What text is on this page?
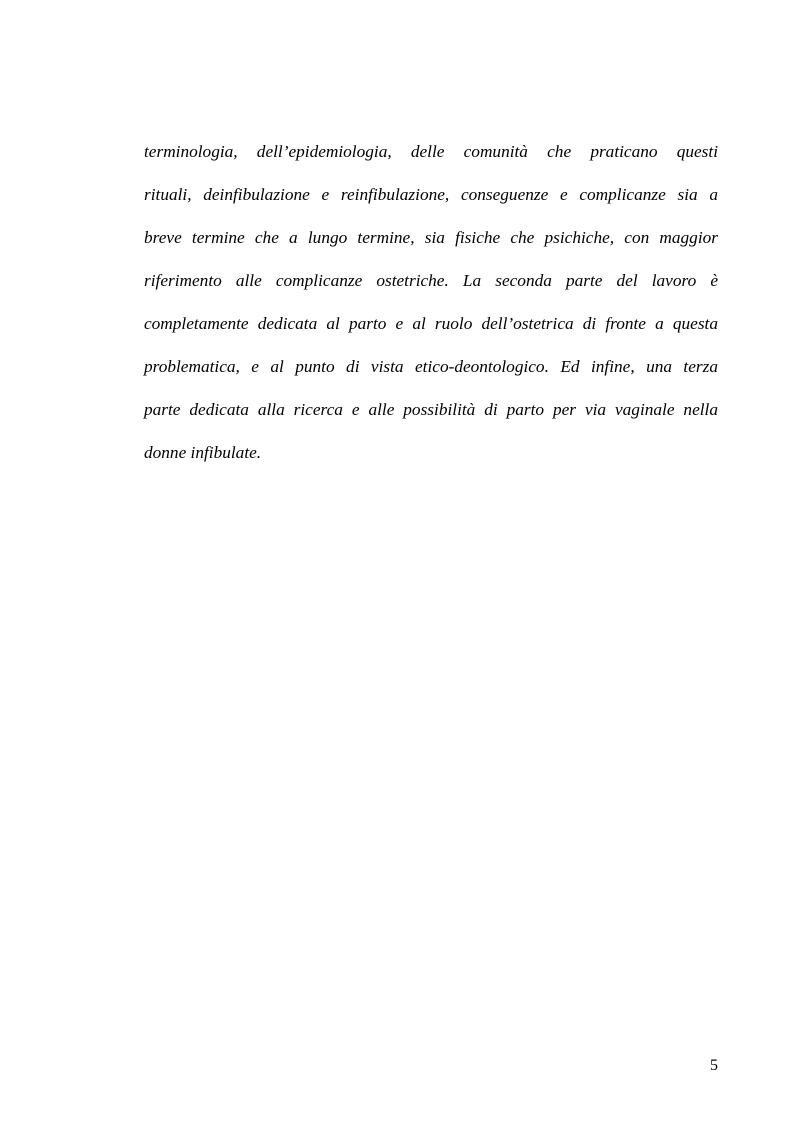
terminologia, dell’epidemiologia, delle comunità che praticano questi
rituali, deinfibulazione e reinfibulazione, conseguenze e complicanze sia a
breve termine che a lungo termine, sia fisiche che psichiche, con maggior
riferimento alle complicanze ostetriche. La seconda parte del lavoro è
completamente dedicata al parto e al ruolo dell’ostetrica di fronte a questa
problematica, e al punto di vista etico-deontologico. Ed infine, una terza
parte dedicata alla ricerca e alle possibilità di parto per via vaginale nella
donne infibulate.

5
